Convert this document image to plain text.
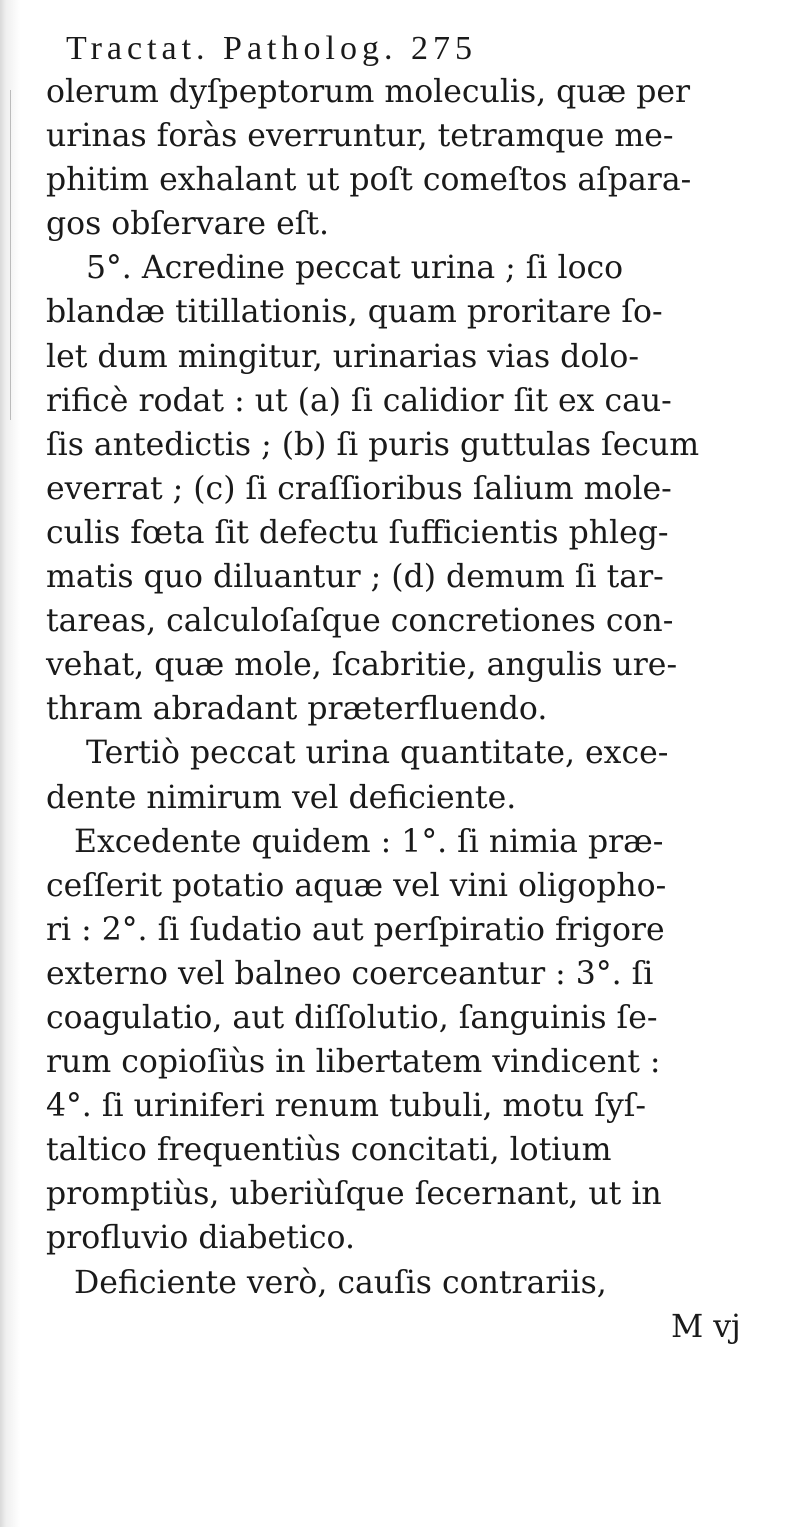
Tractat. Patholog. 275
olerum dyſpeptorum moleculis, quæ per
urinas foràs everruntur, tetramque me-
phitim exhalant ut poſt comeſtos aſpara-
gos obſervare eſt.
5°. Acredine peccat urina ; ſi loco
blandæ titillationis, quam proritare ſo-
let dum mingitur, urinarias vias dolo-
rificè rodat : ut (a) ſi calidior ſit ex cau-
ſis antedictis ; (b) ſi puris guttulas ſecum
everrat ; (c) ſi craſſioribus ſalium mole-
culis fœta ſit defectu ſufficientis phleg-
matis quo diluantur ; (d) demum ſi tar-
tareas, calculoſaſque concretiones con-
vehat, quæ mole, ſcabritie, angulis ure-
thram abradant præterfluendo.
Tertiò peccat urina quantitate, exce-
dente nimirum vel deficiente.
Excedente quidem : 1°. ſi nimia præ-
ceſſerit potatio aquæ vel vini oligopho-
ri : 2°. ſi ſudatio aut perſpiratio frigore
externo vel balneo coerceantur : 3°. ſi
coagulatio, aut diſſolutio, ſanguinis ſe-
rum copioſiùs in libertatem vindicent :
4°. ſi uriniferi renum tubuli, motu ſyſ-
taltico frequentiùs concitati, lotium
promptiùs, uberiùſque ſecernant, ut in
profluvio diabetico.
Deficiente verò, cauſis contrariis,
M vj
